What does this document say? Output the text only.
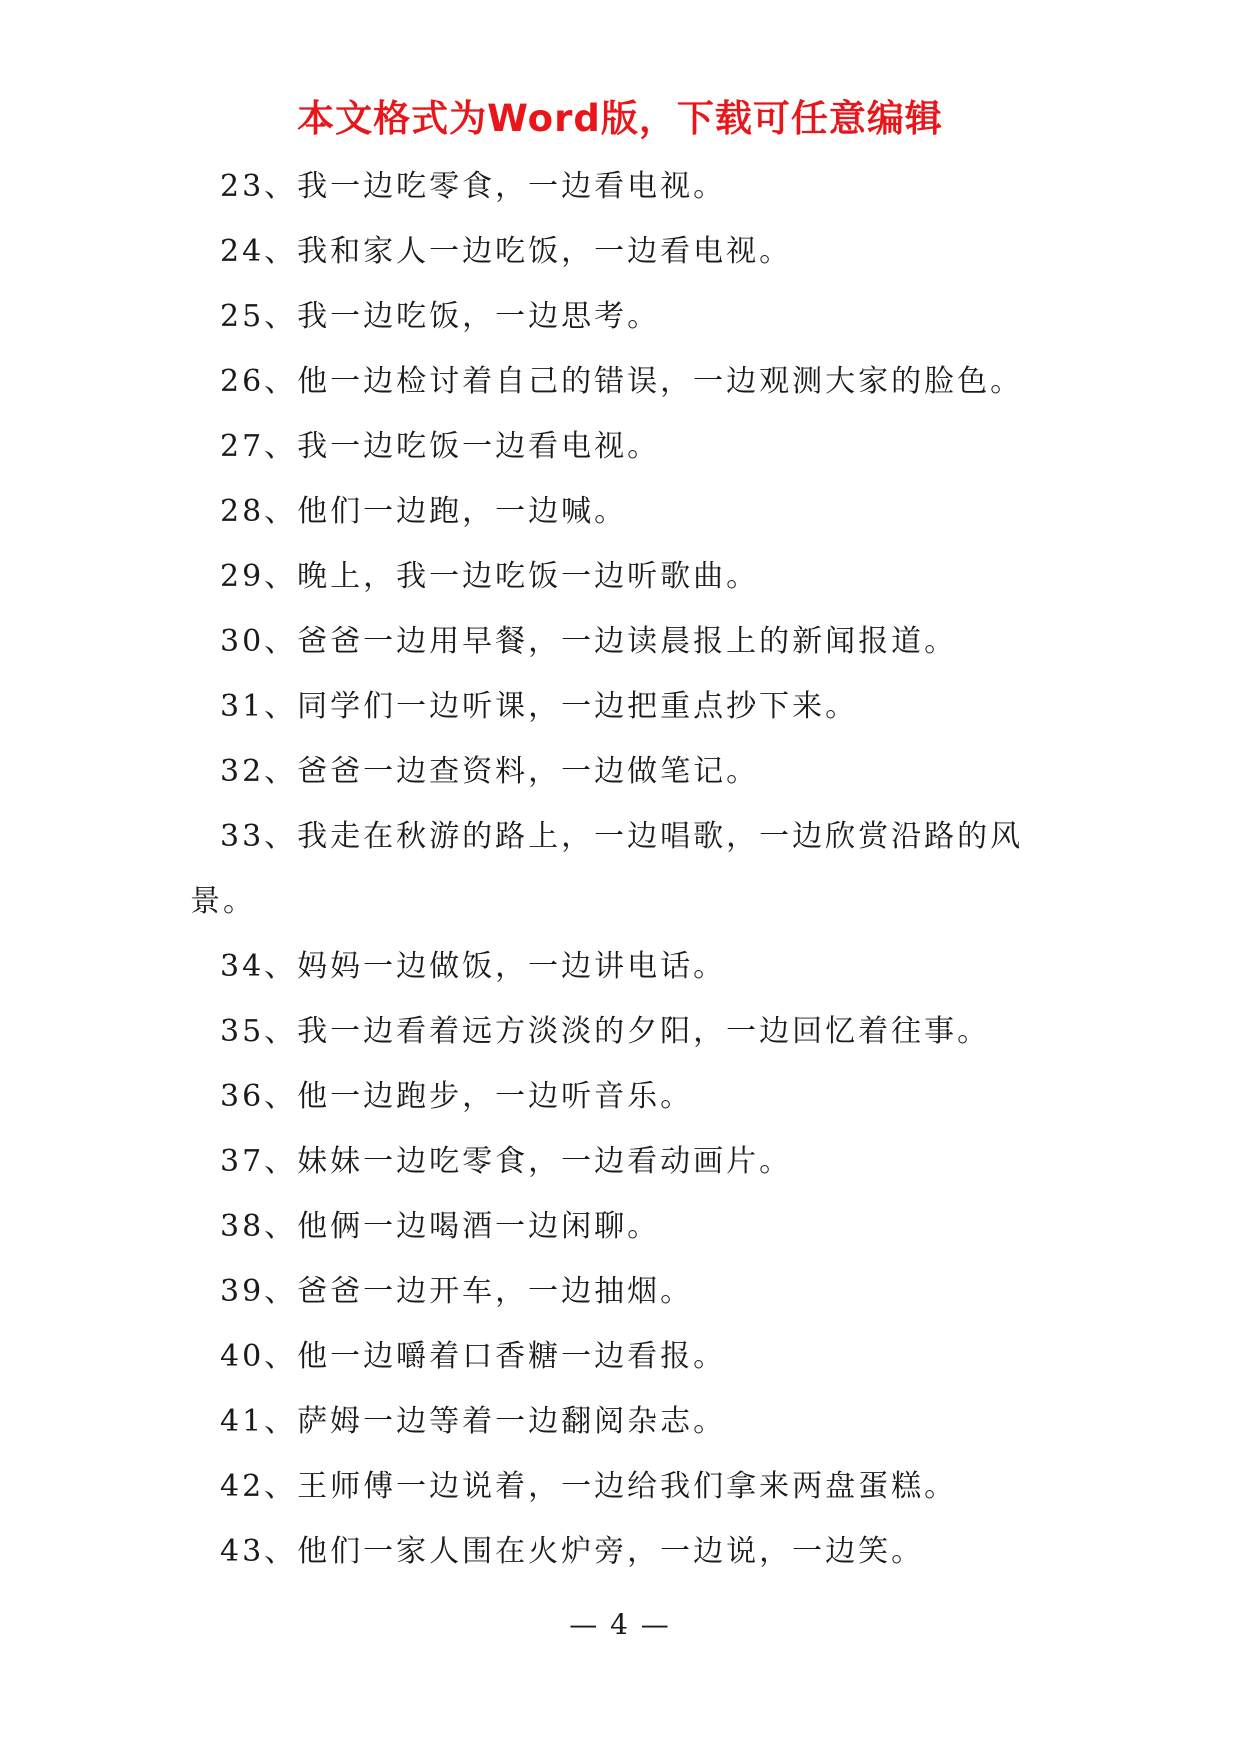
本文格式为Word版，下载可任意编辑
23、我一边吃零食，一边看电视。
24、我和家人一边吃饭，一边看电视。
25、我一边吃饭，一边思考。
26、他一边检讨着自己的错误，一边观测大家的脸色。
27、我一边吃饭一边看电视。
28、他们一边跑，一边喊。
29、晚上，我一边吃饭一边听歌曲。
30、爸爸一边用早餐，一边读晨报上的新闻报道。
31、同学们一边听课，一边把重点抄下来。
32、爸爸一边查资料，一边做笔记。
33、我走在秋游的路上，一边唱歌，一边欣赏沿路的风
景。
34、妈妈一边做饭，一边讲电话。
35、我一边看着远方淡淡的夕阳，一边回忆着往事。
36、他一边跑步，一边听音乐。
37、妹妹一边吃零食，一边看动画片。
38、他俩一边喝酒一边闲聊。
39、爸爸一边开车，一边抽烟。
40、他一边嚼着口香糖一边看报。
41、萨姆一边等着一边翻阅杂志。
42、王师傅一边说着，一边给我们拿来两盘蛋糕。
43、他们一家人围在火炉旁，一边说，一边笑。
— 4 —
